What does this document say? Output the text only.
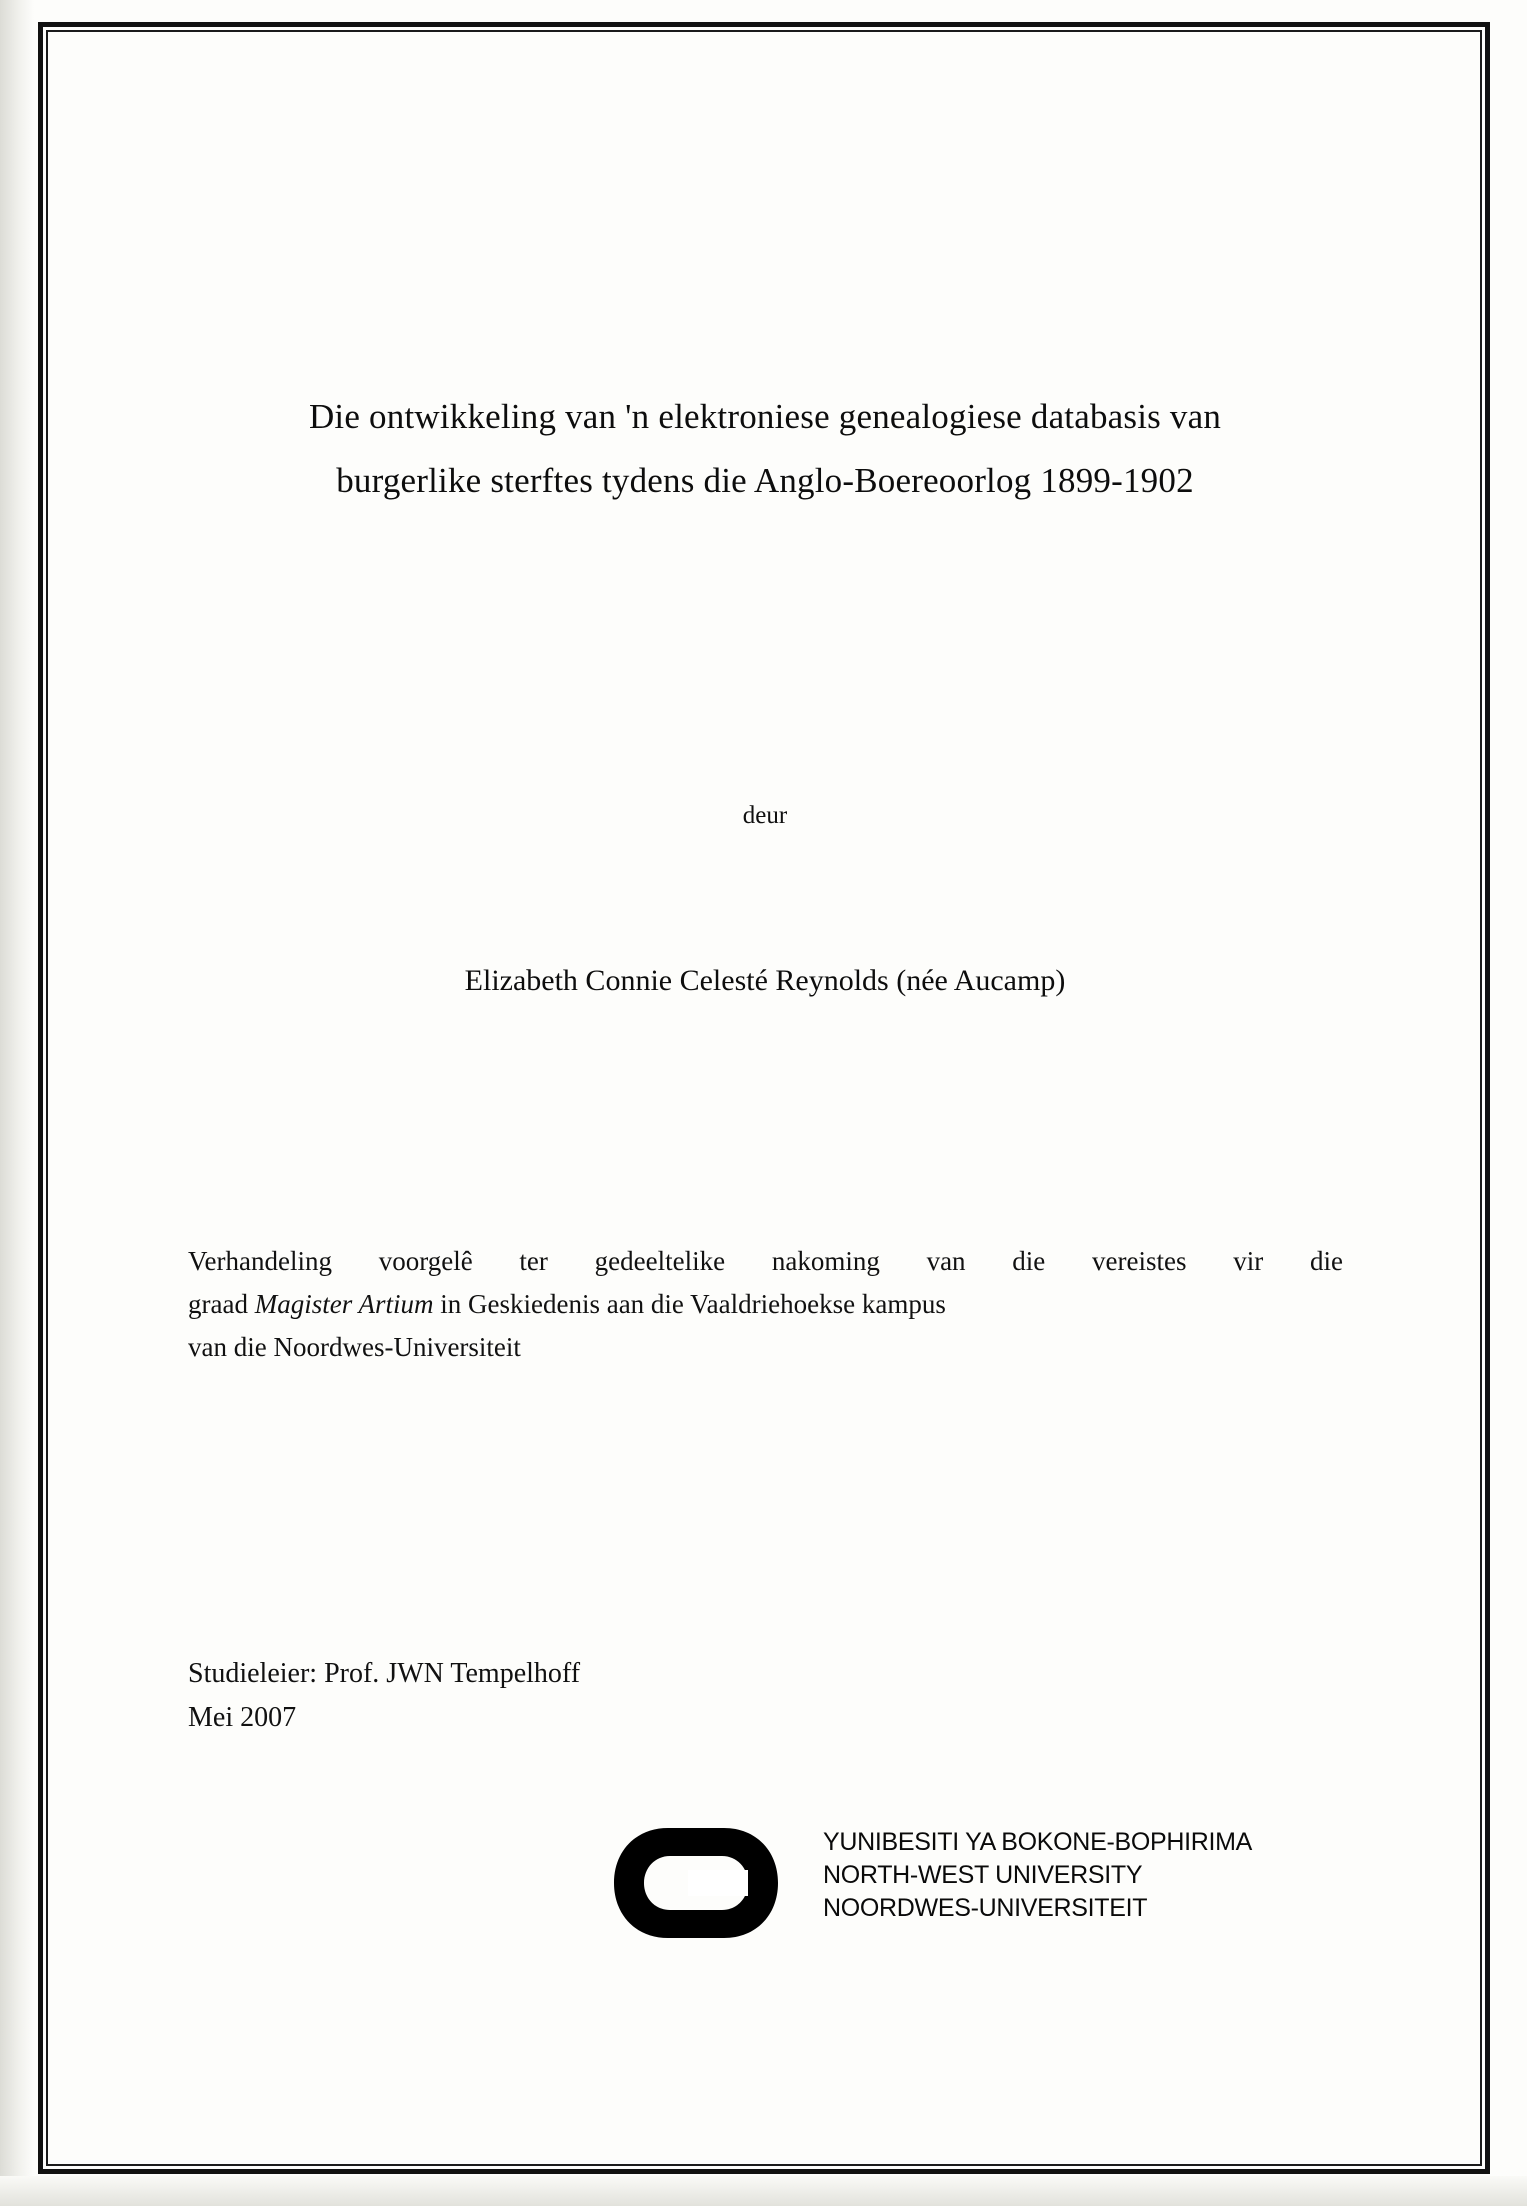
Die ontwikkeling van 'n elektroniese genealogiese databasis van
burgerlike sterftes tydens die Anglo-Boereoorlog 1899-1902
deur
Elizabeth Connie Celesté Reynolds (née Aucamp)
Verhandeling voorgelê ter gedeeltelike nakoming van die vereistes vir die
graad Magister Artium in Geskiedenis aan die Vaaldriehoekse kampus
van die Noordwes-Universiteit
Studieleier: Prof. JWN Tempelhoff
Mei 2007
YUNIBESITI YA BOKONE-BOPHIRIMA
NORTH-WEST UNIVERSITY
NOORDWES-UNIVERSITEIT
